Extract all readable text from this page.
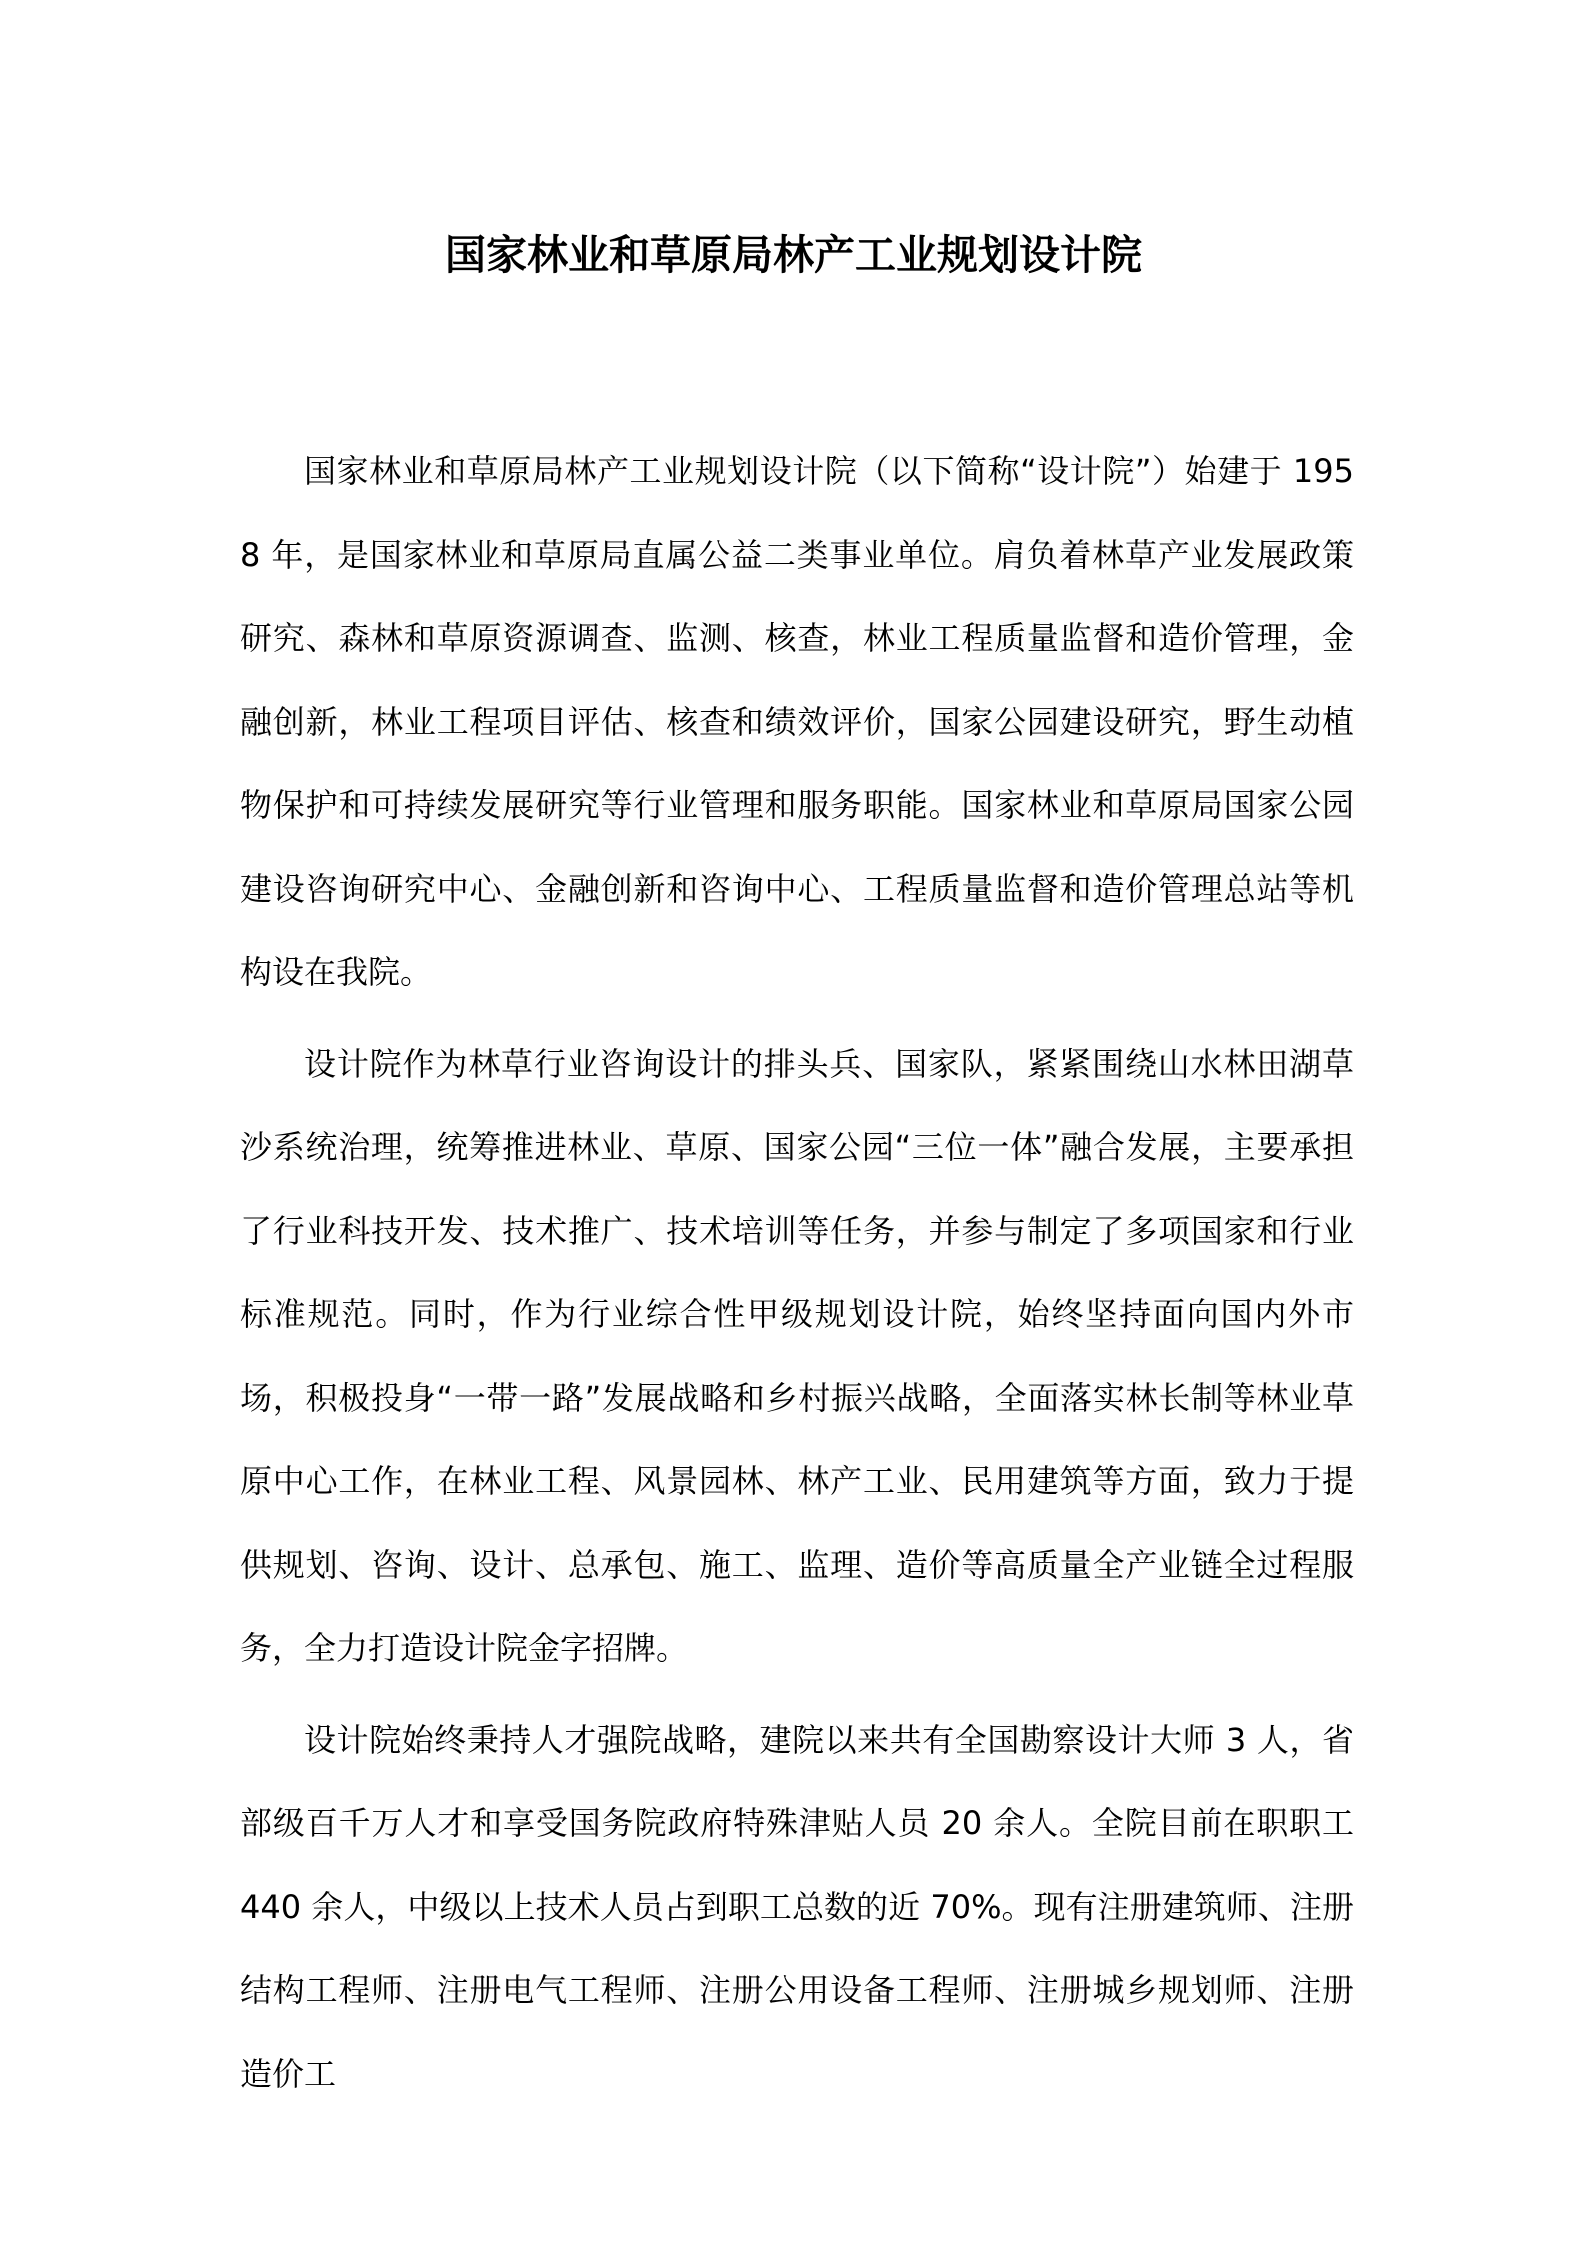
国家林业和草原局林产工业规划设计院

国家林业和草原局林产工业规划设计院（以下简称“设计院”）始建于 1958 年，是国家林业和草原局直属公益二类事业单位。肩负着林草产业发展政策研究、森林和草原资源调查、监测、核查，林业工程质量监督和造价管理，金融创新，林业工程项目评估、核查和绩效评价，国家公园建设研究，野生动植物保护和可持续发展研究等行业管理和服务职能。国家林业和草原局国家公园建设咨询研究中心、金融创新和咨询中心、工程质量监督和造价管理总站等机构设在我院。

设计院作为林草行业咨询设计的排头兵、国家队，紧紧围绕山水林田湖草沙系统治理，统筹推进林业、草原、国家公园“三位一体”融合发展，主要承担了行业科技开发、技术推广、技术培训等任务，并参与制定了多项国家和行业标准规范。同时，作为行业综合性甲级规划设计院，始终坚持面向国内外市场，积极投身“一带一路”发展战略和乡村振兴战略，全面落实林长制等林业草原中心工作，在林业工程、风景园林、林产工业、民用建筑等方面，致力于提供规划、咨询、设计、总承包、施工、监理、造价等高质量全产业链全过程服务，全力打造设计院金字招牌。

设计院始终秉持人才强院战略，建院以来共有全国勘察设计大师 3 人，省部级百千万人才和享受国务院政府特殊津贴人员 20 余人。全院目前在职职工 440 余人，中级以上技术人员占到职工总数的近 70%。现有注册建筑师、注册结构工程师、注册电气工程师、注册公用设备工程师、注册城乡规划师、注册造价工
